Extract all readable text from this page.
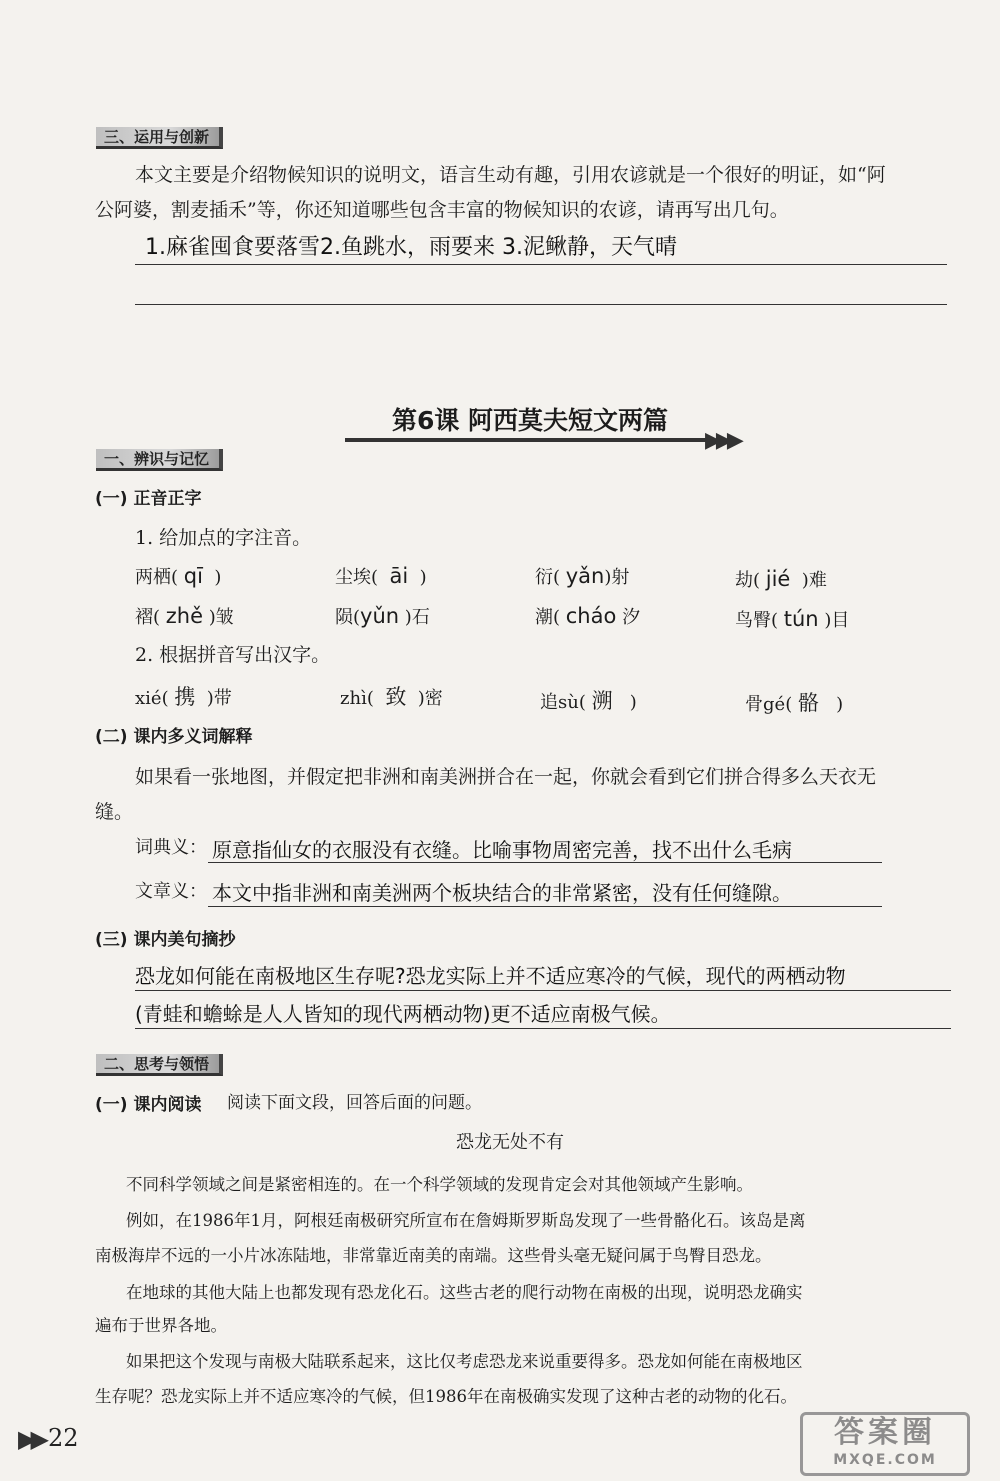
三、运用与创新
本文主要是介绍物候知识的说明文，语言生动有趣，引用农谚就是一个很好的明证，如“阿
公阿婆，割麦插禾”等，你还知道哪些包含丰富的物候知识的农谚，请再写出几句。
1.麻雀囤食要落雪2.鱼跳水，雨要来 3.泥鳅静，天气晴
第6课 阿西莫夫短文两篇
▶▶▶
一、辨识与记忆
(一) 正音正字
1. 给加点的字注音。
两栖( qī  )	尘埃(  āi  )	衍( yǎn)射	劫( jié  )难
褶( zhě )皱	陨(yǔn )石	潮( cháo 汐	鸟臀( tún )目
2. 根据拼音写出汉字。
xié( 携  )带	zhì(  致  )密	追sù( 溯   )	骨gé( 骼   )
(二) 课内多义词解释
如果看一张地图，并假定把非洲和南美洲拼合在一起，你就会看到它们拼合得多么天衣无
缝。
词典义： 原意指仙女的衣服没有衣缝。比喻事物周密完善，找不出什么毛病
文章义： 本文中指非洲和南美洲两个板块结合的非常紧密，没有任何缝隙。
(三) 课内美句摘抄
恐龙如何能在南极地区生存呢?恐龙实际上并不适应寒冷的气候，现代的两栖动物
(青蛙和蟾蜍是人人皆知的现代两栖动物)更不适应南极气候。
二、思考与领悟
(一) 课内阅读 阅读下面文段，回答后面的问题。
恐龙无处不有
不同科学领域之间是紧密相连的。在一个科学领域的发现肯定会对其他领域产生影响。
例如，在1986年1月，阿根廷南极研究所宣布在詹姆斯罗斯岛发现了一些骨骼化石。该岛是离
南极海岸不远的一小片冰冻陆地，非常靠近南美的南端。这些骨头毫无疑问属于鸟臀目恐龙。
在地球的其他大陆上也都发现有恐龙化石。这些古老的爬行动物在南极的出现，说明恐龙确实
遍布于世界各地。
如果把这个发现与南极大陆联系起来，这比仅考虑恐龙来说重要得多。恐龙如何能在南极地区
生存呢？恐龙实际上并不适应寒冷的气候，但1986年在南极确实发现了这种古老的动物的化石。
▶▶ 22	答案圈
MXQE.COM
